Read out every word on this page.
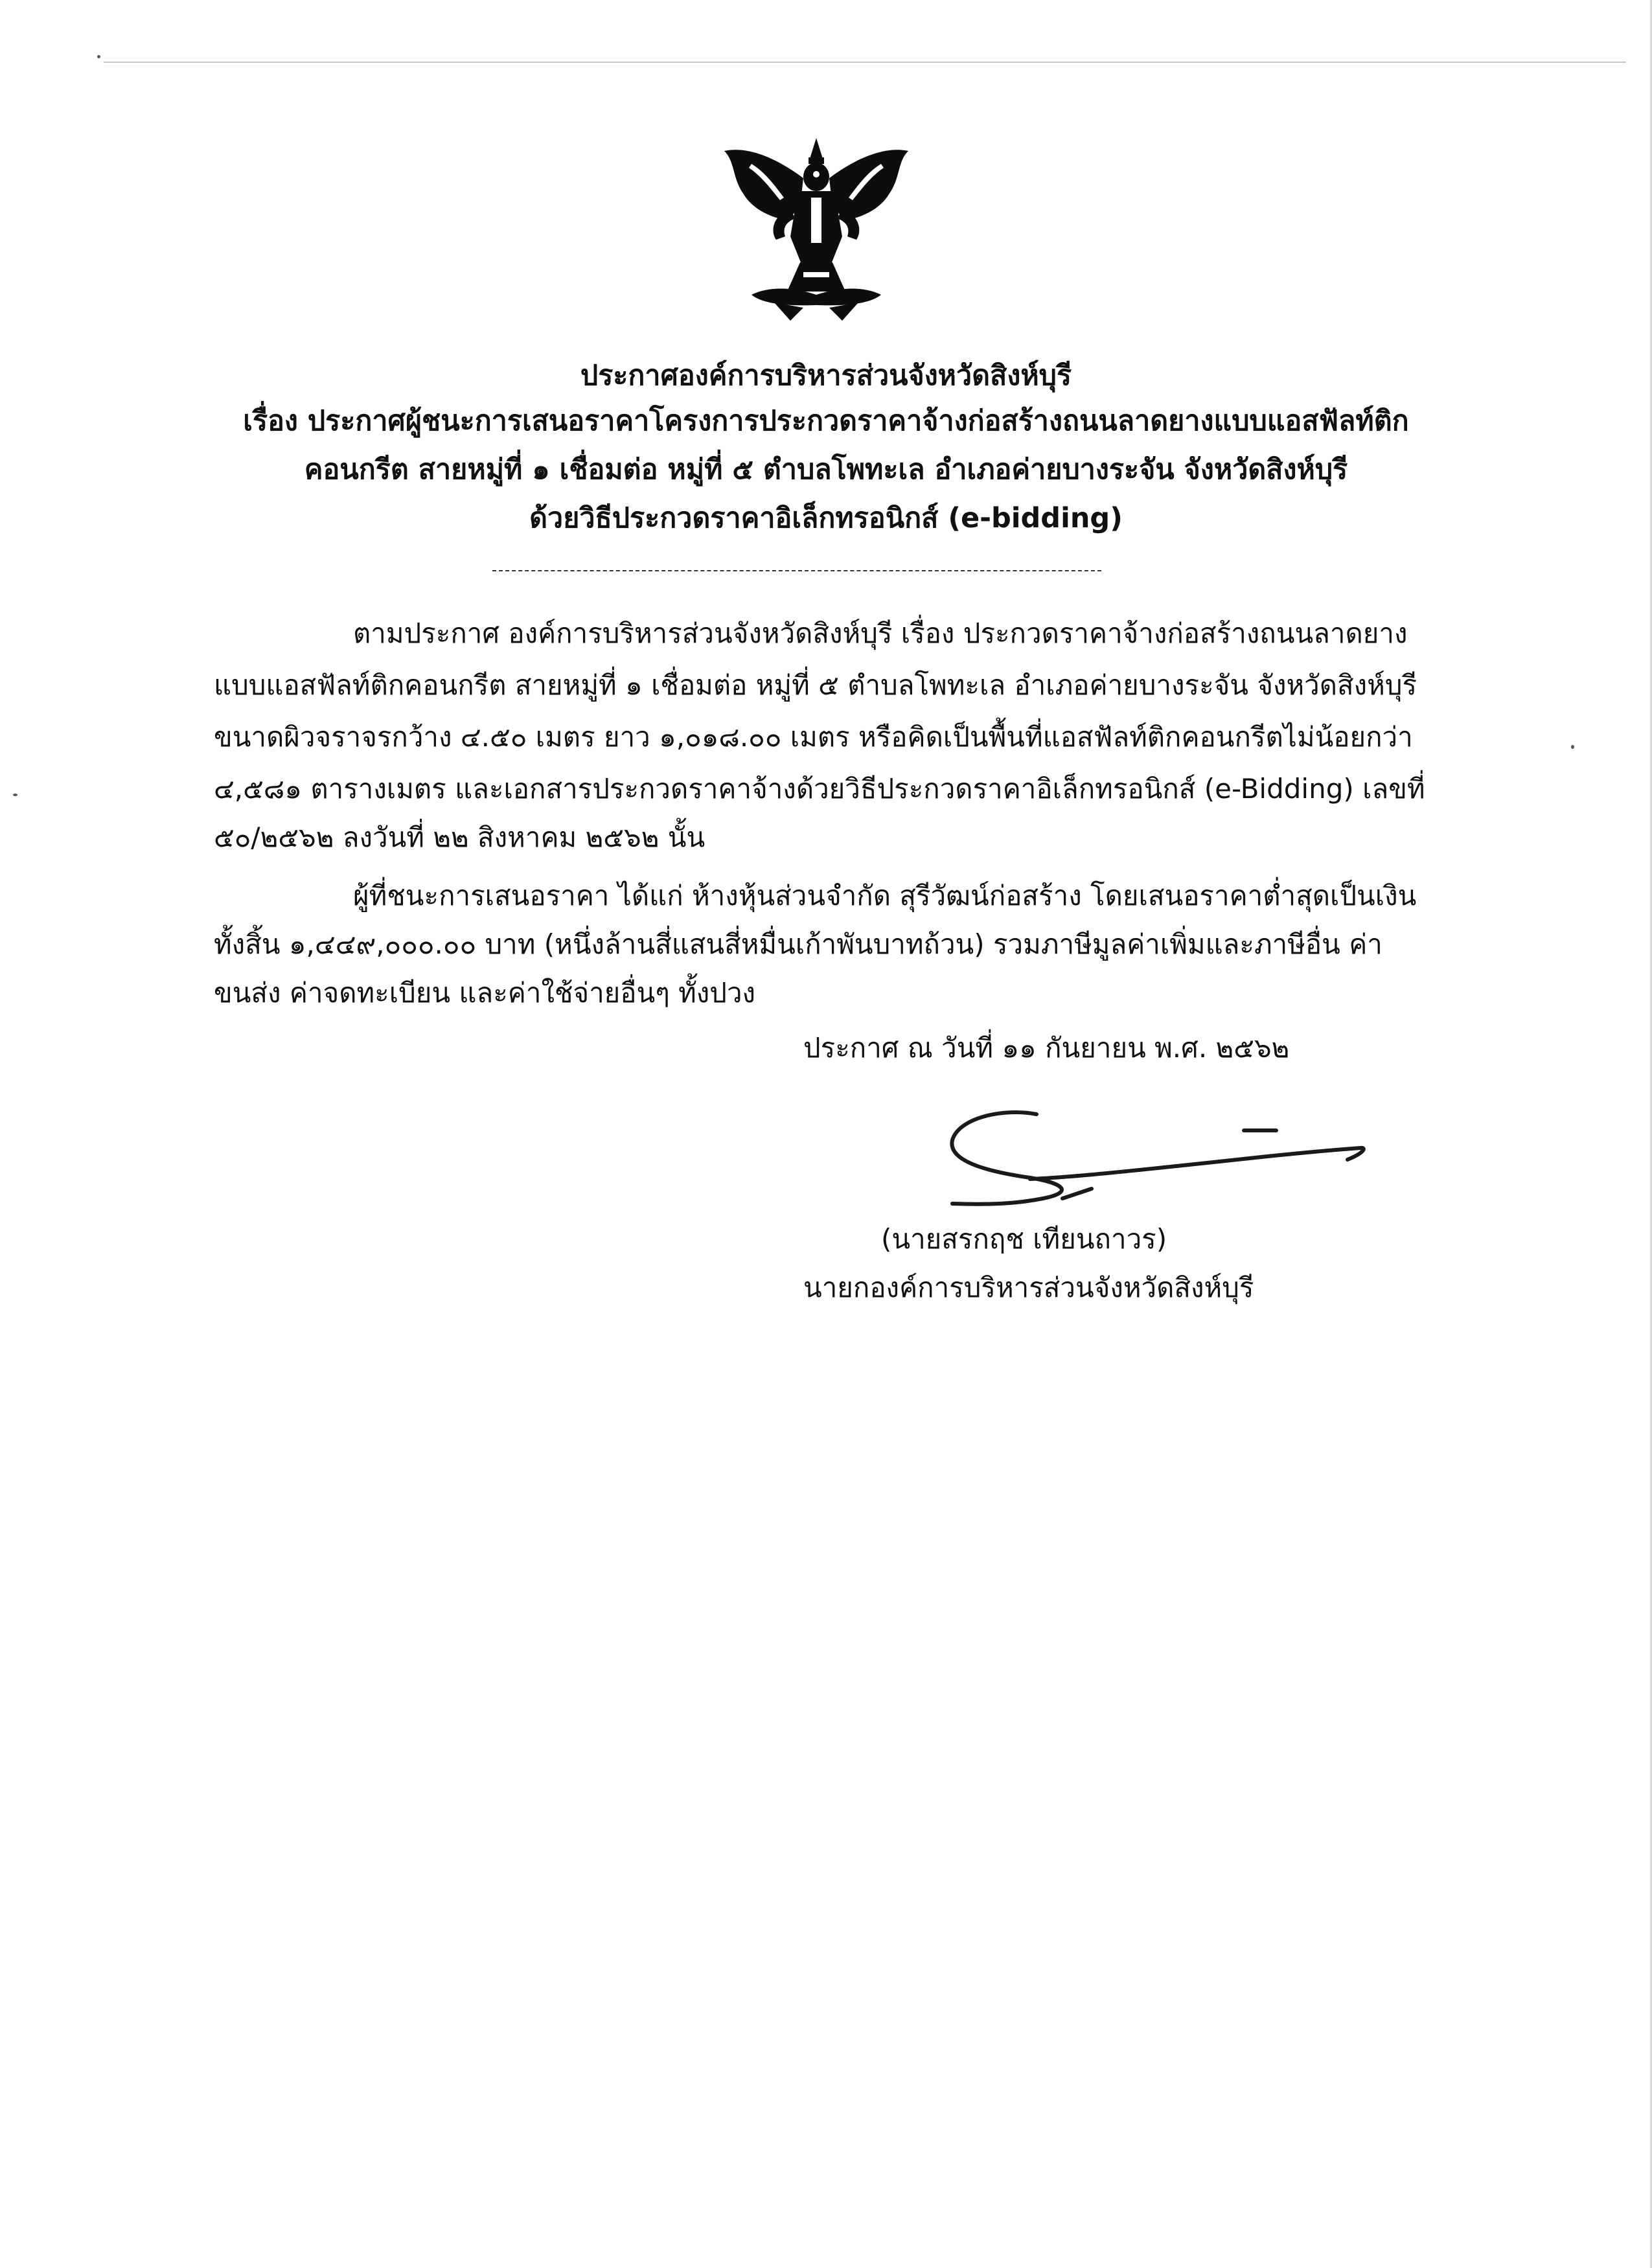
ประกาศองค์การบริหารส่วนจังหวัดสิงห์บุรี
เรื่อง ประกาศผู้ชนะการเสนอราคาโครงการประกวดราคาจ้างก่อสร้างถนนลาดยางแบบแอสฟัลท์ติก
คอนกรีต สายหมู่ที่ ๑ เชื่อมต่อ หมู่ที่ ๕ ตำบลโพทะเล อำเภอค่ายบางระจัน จังหวัดสิงห์บุรี
ด้วยวิธีประกวดราคาอิเล็กทรอนิกส์ (e-bidding)
ตามประกาศ องค์การบริหารส่วนจังหวัดสิงห์บุรี เรื่อง ประกวดราคาจ้างก่อสร้างถนนลาดยาง
แบบแอสฟัลท์ติกคอนกรีต สายหมู่ที่ ๑ เชื่อมต่อ หมู่ที่ ๕ ตำบลโพทะเล อำเภอค่ายบางระจัน จังหวัดสิงห์บุรี
ขนาดผิวจราจรกว้าง ๔.๕๐ เมตร ยาว ๑,๐๑๘.๐๐ เมตร หรือคิดเป็นพื้นที่แอสฟัลท์ติกคอนกรีตไม่น้อยกว่า
๔,๕๘๑ ตารางเมตร และเอกสารประกวดราคาจ้างด้วยวิธีประกวดราคาอิเล็กทรอนิกส์ (e-Bidding) เลขที่
๕๐/๒๕๖๒ ลงวันที่ ๒๒ สิงหาคม ๒๕๖๒ นั้น
ผู้ที่ชนะการเสนอราคา ได้แก่ ห้างหุ้นส่วนจำกัด สุรีวัฒน์ก่อสร้าง โดยเสนอราคาต่ำสุดเป็นเงิน
ทั้งสิ้น ๑,๔๔๙,๐๐๐.๐๐ บาท (หนึ่งล้านสี่แสนสี่หมื่นเก้าพันบาทถ้วน) รวมภาษีมูลค่าเพิ่มและภาษีอื่น ค่า
ขนส่ง ค่าจดทะเบียน และค่าใช้จ่ายอื่นๆ ทั้งปวง
ประกาศ ณ วันที่ ๑๑ กันยายน พ.ศ. ๒๕๖๒
(นายสรกฤช เทียนถาวร)
นายกองค์การบริหารส่วนจังหวัดสิงห์บุรี
